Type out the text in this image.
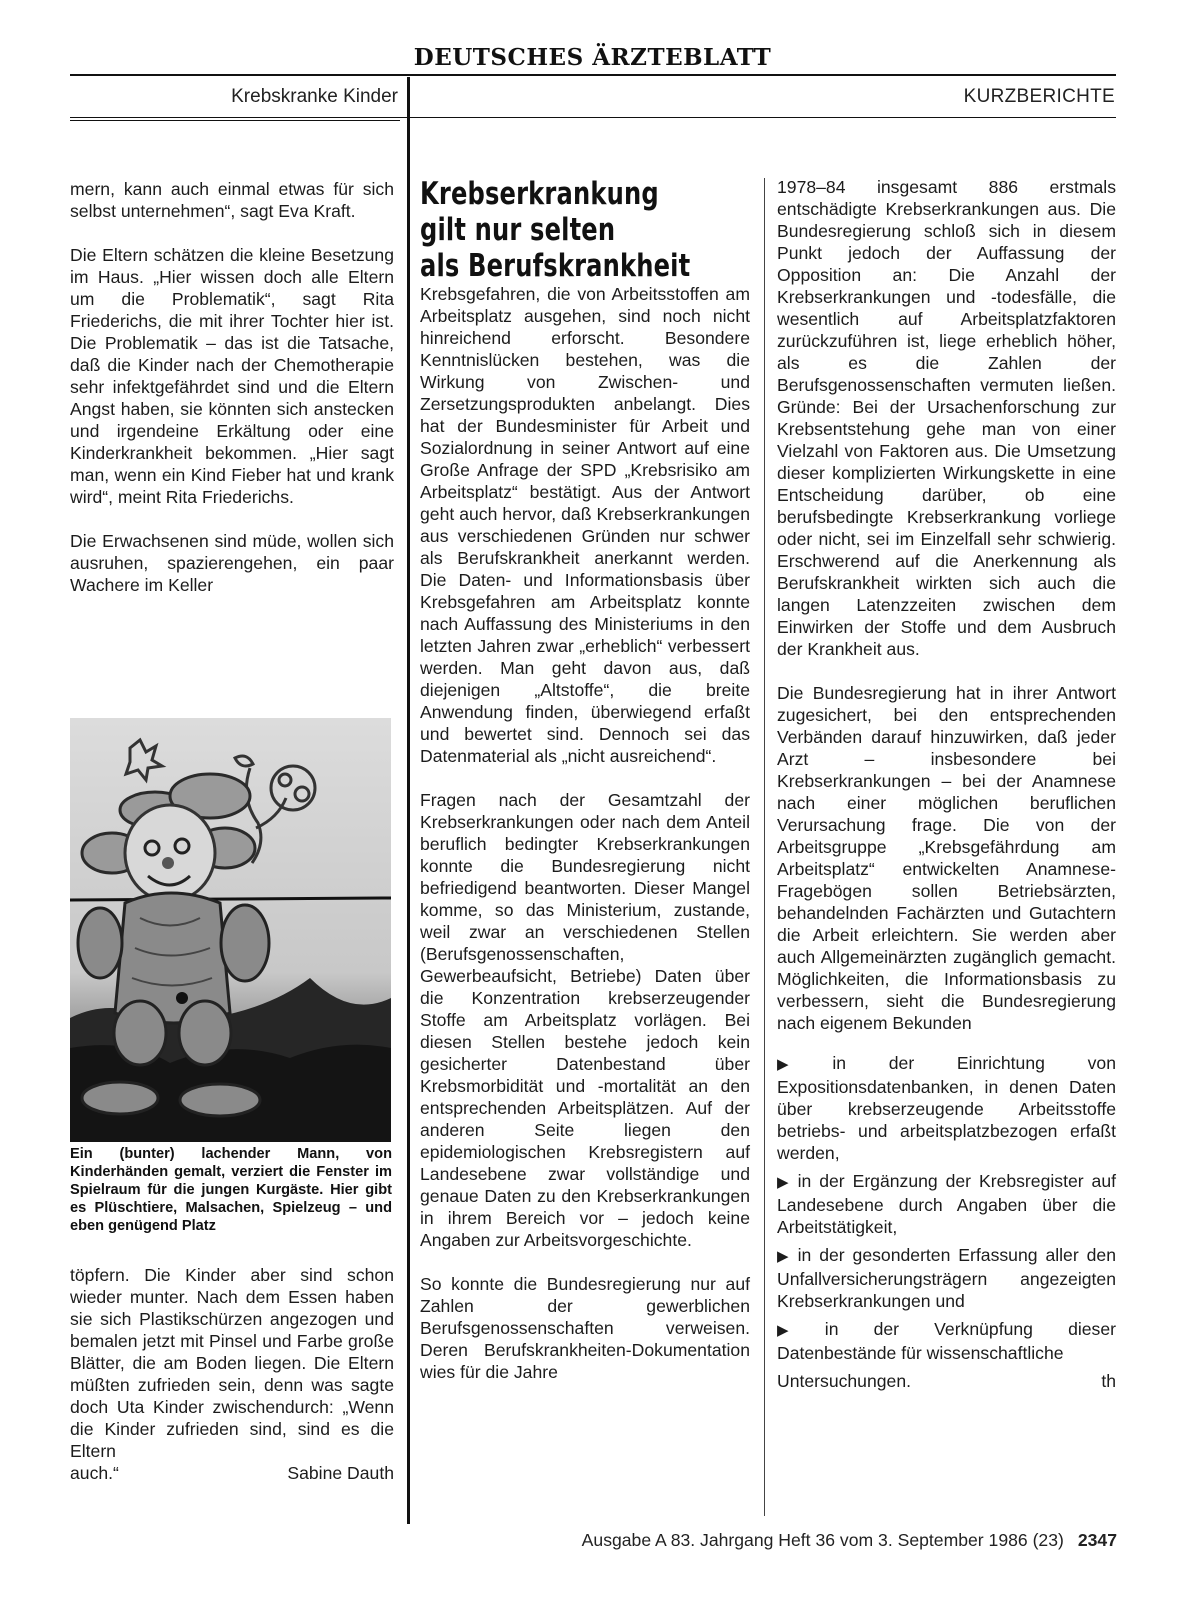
DEUTSCHES ÄRZTEBLATT
Krebskranke Kinder	KURZBERICHTE

mern, kann auch einmal etwas für sich selbst unternehmen“, sagt Eva Kraft.

Die Eltern schätzen die kleine Besetzung im Haus. „Hier wissen doch alle Eltern um die Problematik“, sagt Rita Friederichs, die mit ihrer Tochter hier ist. Die Problematik – das ist die Tatsache, daß die Kinder nach der Chemotherapie sehr infektgefährdet sind und die Eltern Angst haben, sie könnten sich anstecken und irgendeine Erkältung oder eine Kinderkrankheit bekommen. „Hier sagt man, wenn ein Kind Fieber hat und krank wird“, meint Rita Friederichs.

Die Erwachsenen sind müde, wollen sich ausruhen, spazierengehen, ein paar Wachere im Keller

Ein (bunter) lachender Mann, von Kinderhänden gemalt, verziert die Fenster im Spielraum für die jungen Kurgäste. Hier gibt es Plüschtiere, Malsachen, Spielzeug – und eben genügend Platz

töpfern. Die Kinder aber sind schon wieder munter. Nach dem Essen haben sie sich Plastikschürzen angezogen und bemalen jetzt mit Pinsel und Farbe große Blätter, die am Boden liegen. Die Eltern müßten zufrieden sein, denn was sagte doch Uta Kinder zwischendurch: „Wenn die Kinder zufrieden sind, sind es die Eltern

auch.“	Sabine Dauth
Krebserkrankung
gilt nur selten
als Berufskrankheit

Krebsgefahren, die von Arbeitsstoffen am Arbeitsplatz ausgehen, sind noch nicht hinreichend erforscht. Besondere Kenntnislücken bestehen, was die Wirkung von Zwischen- und Zersetzungsprodukten anbelangt. Dies hat der Bundesminister für Arbeit und Sozialordnung in seiner Antwort auf eine Große Anfrage der SPD „Krebsrisiko am Arbeitsplatz“ bestätigt. Aus der Antwort geht auch hervor, daß Krebserkrankungen aus verschiedenen Gründen nur schwer als Berufskrankheit anerkannt werden. Die Daten- und Informationsbasis über Krebsgefahren am Arbeitsplatz konnte nach Auffassung des Ministeriums in den letzten Jahren zwar „erheblich“ verbessert werden. Man geht davon aus, daß diejenigen „Altstoffe“, die breite Anwendung finden, überwiegend erfaßt und bewertet sind. Dennoch sei das Datenmaterial als „nicht ausreichend“.

Fragen nach der Gesamtzahl der Krebserkrankungen oder nach dem Anteil beruflich bedingter Krebserkrankungen konnte die Bundesregierung nicht befriedigend beantworten. Dieser Mangel komme, so das Ministerium, zustande, weil zwar an verschiedenen Stellen (Berufsgenossenschaften, Gewerbeaufsicht, Betriebe) Daten über die Konzentration krebserzeugender Stoffe am Arbeitsplatz vorlägen. Bei diesen Stellen bestehe jedoch kein gesicherter Datenbestand über Krebsmorbidität und -mortalität an den entsprechenden Arbeitsplätzen. Auf der anderen Seite liegen den epidemiologischen Krebsregistern auf Landesebene zwar vollständige und genaue Daten zu den Krebserkrankungen in ihrem Bereich vor – jedoch keine Angaben zur Arbeitsvorgeschichte.

So konnte die Bundesregierung nur auf Zahlen der gewerblichen Berufsgenossenschaften verweisen. Deren Berufskrankheiten-Dokumentation wies für die Jahre

1978–84 insgesamt 886 erstmals entschädigte Krebserkrankungen aus. Die Bundesregierung schloß sich in diesem Punkt jedoch der Auffassung der Opposition an: Die Anzahl der Krebserkrankungen und -todesfälle, die wesentlich auf Arbeitsplatzfaktoren zurückzuführen ist, liege erheblich höher, als es die Zahlen der Berufsgenossenschaften vermuten ließen. Gründe: Bei der Ursachenforschung zur Krebsentstehung gehe man von einer Vielzahl von Faktoren aus. Die Umsetzung dieser komplizierten Wirkungskette in eine Entscheidung darüber, ob eine berufsbedingte Krebserkrankung vorliege oder nicht, sei im Einzelfall sehr schwierig. Erschwerend auf die Anerkennung als Berufskrankheit wirkten sich auch die langen Latenzzeiten zwischen dem Einwirken der Stoffe und dem Ausbruch der Krankheit aus.

Die Bundesregierung hat in ihrer Antwort zugesichert, bei den entsprechenden Verbänden darauf hinzuwirken, daß jeder Arzt – insbesondere bei Krebserkrankungen – bei der Anamnese nach einer möglichen beruflichen Verursachung frage. Die von der Arbeitsgruppe „Krebsgefährdung am Arbeitsplatz“ entwickelten Anamnese-Fragebögen sollen Betriebsärzten, behandelnden Fachärzten und Gutachtern die Arbeit erleichtern. Sie werden aber auch Allgemeinärzten zugänglich gemacht. Möglichkeiten, die Informationsbasis zu verbessern, sieht die Bundesregierung nach eigenem Bekunden

▶ in der Einrichtung von Expositionsdatenbanken, in denen Daten über krebserzeugende Arbeitsstoffe betriebs- und arbeitsplatzbezogen erfaßt werden,

▶ in der Ergänzung der Krebsregister auf Landesebene durch Angaben über die Arbeitstätigkeit,

▶ in der gesonderten Erfassung aller den Unfallversicherungsträgern angezeigten Krebserkrankungen und

▶ in der Verknüpfung dieser Datenbestände für wissenschaftliche

Untersuchungen.	th
Ausgabe A 83. Jahrgang Heft 36 vom 3. September 1986 (23) 2347
